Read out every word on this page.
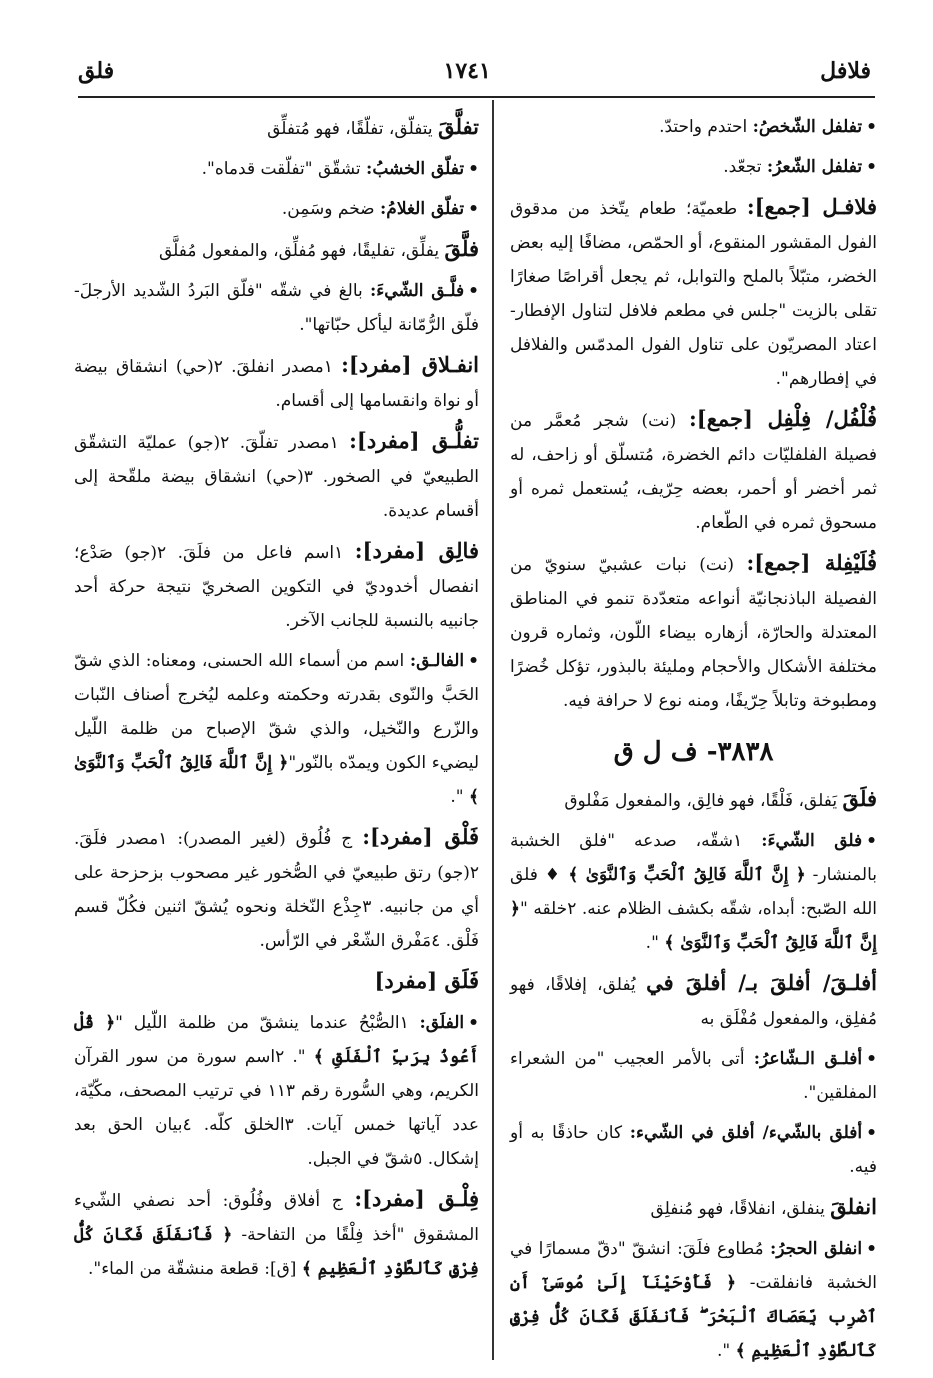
فلافل
١٧٤١
فلق

•تفلفل الشّخصُ: احتدم واحتدّ.

•تفلفل الشّعرُ: تجعّد.

فلافـل [جمع]: طعميّة؛ طعام يتّخذ من مدقوق الفول المقشور المنقوع، أو الحمّص، مضافًا إليه بعض الخضر، متبّلاً بالملح والتوابل، ثم يجعل أقراصًا صغارًا تقلى بالزيت "جلس في مطعم فلافل لتناول الإفطار- اعتاد المصريّون على تناول الفول المدمّس والفلافل في إفطارهم".

فُلْفُل/ فِلْفِل [جمع]: (نت) شجر مُعمَّر من فصيلة الفلفليّات دائم الخضرة، مُتسلّق أو زاحف، له ثمر أخضر أو أحمر، بعضه حِرّيف، يُستعمل ثمره أو مسحوق ثمره في الطّعام.

فُلَيْفِلة [جمع]: (نت) نبات عشبيّ سنويّ من الفصيلة الباذنجانيّة أنواعه متعدّدة تنمو في المناطق المعتدلة والحارّة، أزهاره بيضاء اللّون، وثماره قرون مختلفة الأشكال والأحجام ومليئة بالبذور، تؤكل خُضرًا ومطبوخة وتابلاً حِرّيفًا، ومنه نوع لا حرافة فيه.

٣٨٣٨- ف ل ق

فلَقَ يَفلق، فَلْقًا، فهو فالِق، والمفعول مَفْلوق

•فلق الشّيءَ: ١شقّه، صدعه "فلق الخشبة بالمنشار- ﴿ إِنَّ ٱللَّهَ فَالِقُ ٱلْحَبِّ وَٱلنَّوَىٰ ﴾ ♦ فلق الله الصّبح: أبداه، شقّه بكشف الظلام عنه. ٢خلقه "﴿ إِنَّ ٱللَّهَ فَالِقُ ٱلْحَبِّ وَٱلنَّوَىٰ ﴾ ".

أفلـقَ/ أفلقَ بـ/ أفلقَ في يُفلق، إفلاقًا، فهو مُفلِق، والمفعول مُفْلَق به

•أفلـق الـشّاعرُ: أتى بالأمر العجيب "من الشعراء المفلقين".

•أفلق بالشّيء/ أفلق في الشّيء: كان حاذقًا به أو فيه.

انفلقَ ينفلق، انفلاقًا، فهو مُنفلِق

•انفلق الحجرُ: مُطاوع فلَقَ: انشقّ "دقّ مسمارًا في الخشبة فانفلقت- ﴿ فَأَوْحَيْنَآ إِلَىٰ مُوسَىٰٓ أَنِ ٱضْرِب بِّعَصَاكَ ٱلْبَحْرَ ۖ فَٱنفَلَقَ فَكَانَ كُلُّ فِرْقٍ كَٱلطَّوْدِ ٱلْعَظِيمِ ﴾ ".

تفلَّقَ يتفلّق، تفلّقًا، فهو مُتفلِّق

•تفلّق الخشبُ: تشقّق "تفلّقت قدماه".

•تفلّق الغلامُ: ضخم وسَمِن.

فلَّقَ يفلِّق، تفليقًا، فهو مُفلِّق، والمفعول مُفلَّق

•فلَّـق الشّيءَ: بالغ في شقّه "فلّق البَردُ الشّديد الأرجلَ- فلّق الرُّمّانة ليأكل حبّاتها".

انفـلاق [مفرد]: ١مصدر انفلقَ. ٢(حي) انشقاق بيضة أو نواة وانقسامها إلى أقسام.

تفلُّـق [مفرد]: ١مصدر تفلّقَ. ٢(جو) عمليّة التشقّق الطبيعيّ في الصخور. ٣(حي) انشقاق بيضة ملقّحة إلى أقسام عديدة.

فالِق [مفرد]: ١اسم فاعل من فلَقَ. ٢(جو) صَدْع؛ انفصال أخدوديّ في التكوين الصخريّ نتيجة حركة أحد جانبيه بالنسبة للجانب الآخر.

•الفالـق: اسم من أسماء الله الحسنى، ومعناه: الذي شقّ الحَبَّ والنّوى بقدرته وحكمته وعلمه ليُخرج أصناف النّبات والزّرع والنّخيل، والذي شقّ الإصباح من ظلمة اللّيل ليضيء الكون ويمدّه بالنّور"﴿ إِنَّ ٱللَّهَ فَالِقُ ٱلْحَبِّ وَٱلنَّوَىٰ ﴾ ".

فَلْق [مفرد]: ج فُلُوق (لغير المصدر): ١مصدر فلَقَ. ٢(جو) رتق طبيعيّ في الصُّخور غير مصحوب بزحزحة على أي من جانبيه. ٣جِذْع النّخلة ونحوه يُشقّ اثنين فكُلّ قسم فَلْق. ٤مَفْرق الشّعْر في الرّأس.

فَلَق [مفرد]

•الفلَق: ١الصُّبْحُ عندما ينشقّ من ظلمة اللّيل "﴿ قُلْ أَعُوذُ بِرَبِّ ٱلْفَلَقِ ﴾ ". ٢اسم سورة من سور القرآن الكريم، وهي السُّورة رقم ١١٣ في ترتيب المصحف، مكّيّة، عدد آياتها خمس آيات. ٣الخلق كلّه. ٤بيان الحق بعد إشكال. ٥شقّ في الجبل.

فِلْـق [مفرد]: ج أفلاق وفُلُوق: أحد نصفي الشّيء المشقوق "أخذ فِلْقًا من التفاحة- ﴿ فَٱنفَلَقَ فَكَانَ كُلُّ فِرْقٍ كَٱلطَّوْدِ ٱلْعَظِيمِ ﴾ [ق]: قطعة منشقّة من الماء".
